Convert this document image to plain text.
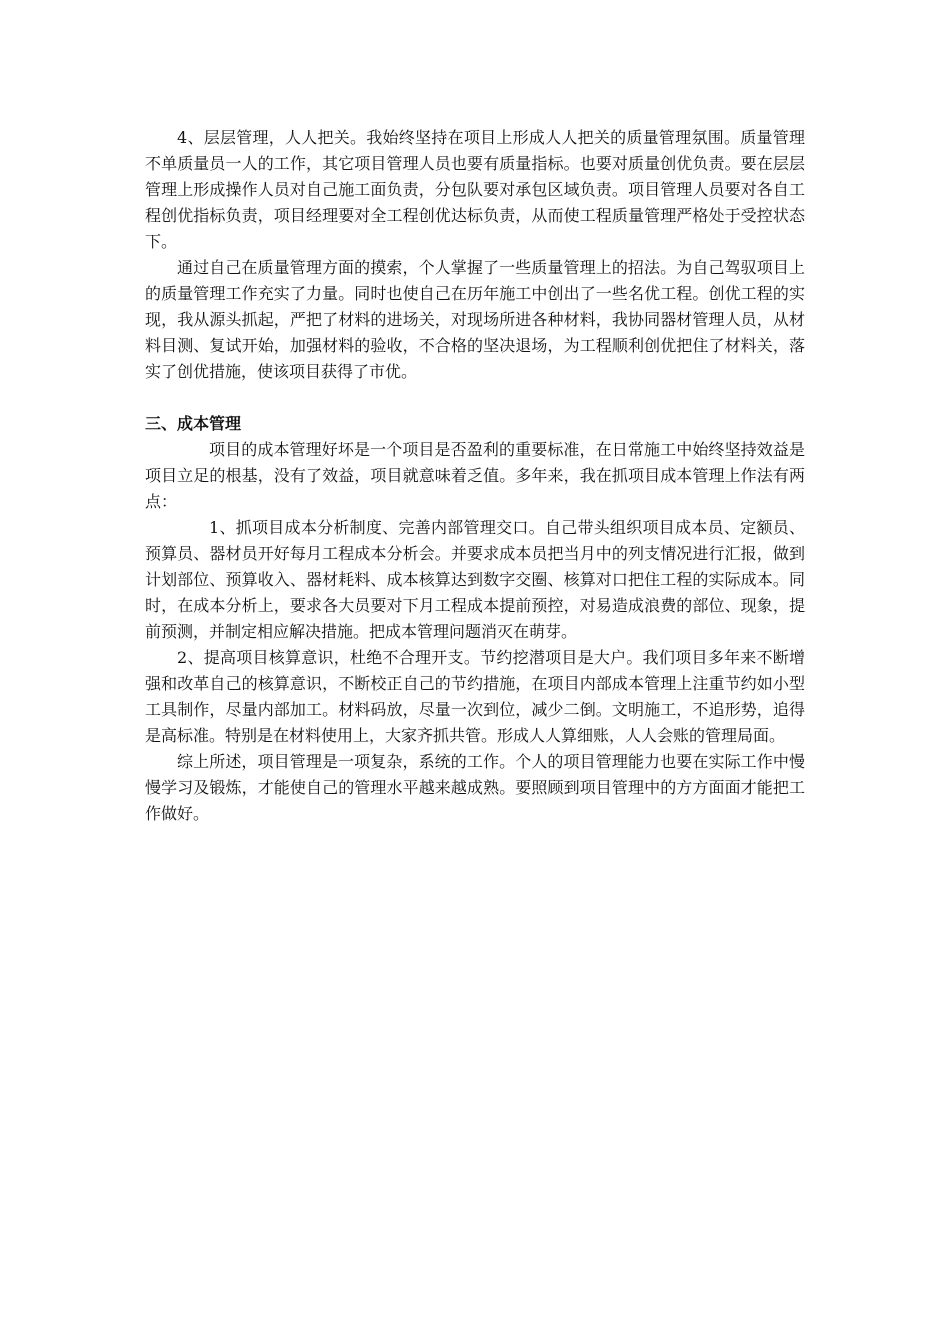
4、层层管理，人人把关。我始终坚持在项目上形成人人把关的质量管理氛围。质量管理不单质量员一人的工作，其它项目管理人员也要有质量指标。也要对质量创优负责。要在层层管理上形成操作人员对自己施工面负责，分包队要对承包区域负责。项目管理人员要对各自工程创优指标负责，项目经理要对全工程创优达标负责，从而使工程质量管理严格处于受控状态下。

通过自己在质量管理方面的摸索，个人掌握了一些质量管理上的招法。为自己驾驭项目上的质量管理工作充实了力量。同时也使自己在历年施工中创出了一些名优工程。创优工程的实现，我从源头抓起，严把了材料的进场关，对现场所进各种材料，我协同器材管理人员，从材料目测、复试开始，加强材料的验收，不合格的坚决退场，为工程顺利创优把住了材料关，落实了创优措施，使该项目获得了市优。

三、成本管理

项目的成本管理好坏是一个项目是否盈利的重要标准，在日常施工中始终坚持效益是项目立足的根基，没有了效益，项目就意味着乏值。多年来，我在抓项目成本管理上作法有两点：

1、抓项目成本分析制度、完善内部管理交口。自己带头组织项目成本员、定额员、预算员、器材员开好每月工程成本分析会。并要求成本员把当月中的列支情况进行汇报，做到计划部位、预算收入、器材耗料、成本核算达到数字交圈、核算对口把住工程的实际成本。同时，在成本分析上，要求各大员要对下月工程成本提前预控，对易造成浪费的部位、现象，提前预测，并制定相应解决措施。把成本管理问题消灭在萌芽。

2、提高项目核算意识，杜绝不合理开支。节约挖潜项目是大户。我们项目多年来不断增强和改革自己的核算意识，不断校正自己的节约措施，在项目内部成本管理上注重节约如小型工具制作，尽量内部加工。材料码放，尽量一次到位，减少二倒。文明施工，不追形势，追得是高标准。特别是在材料使用上，大家齐抓共管。形成人人算细账，人人会账的管理局面。

综上所述，项目管理是一项复杂，系统的工作。个人的项目管理能力也要在实际工作中慢慢学习及锻炼，才能使自己的管理水平越来越成熟。要照顾到项目管理中的方方面面才能把工作做好。
